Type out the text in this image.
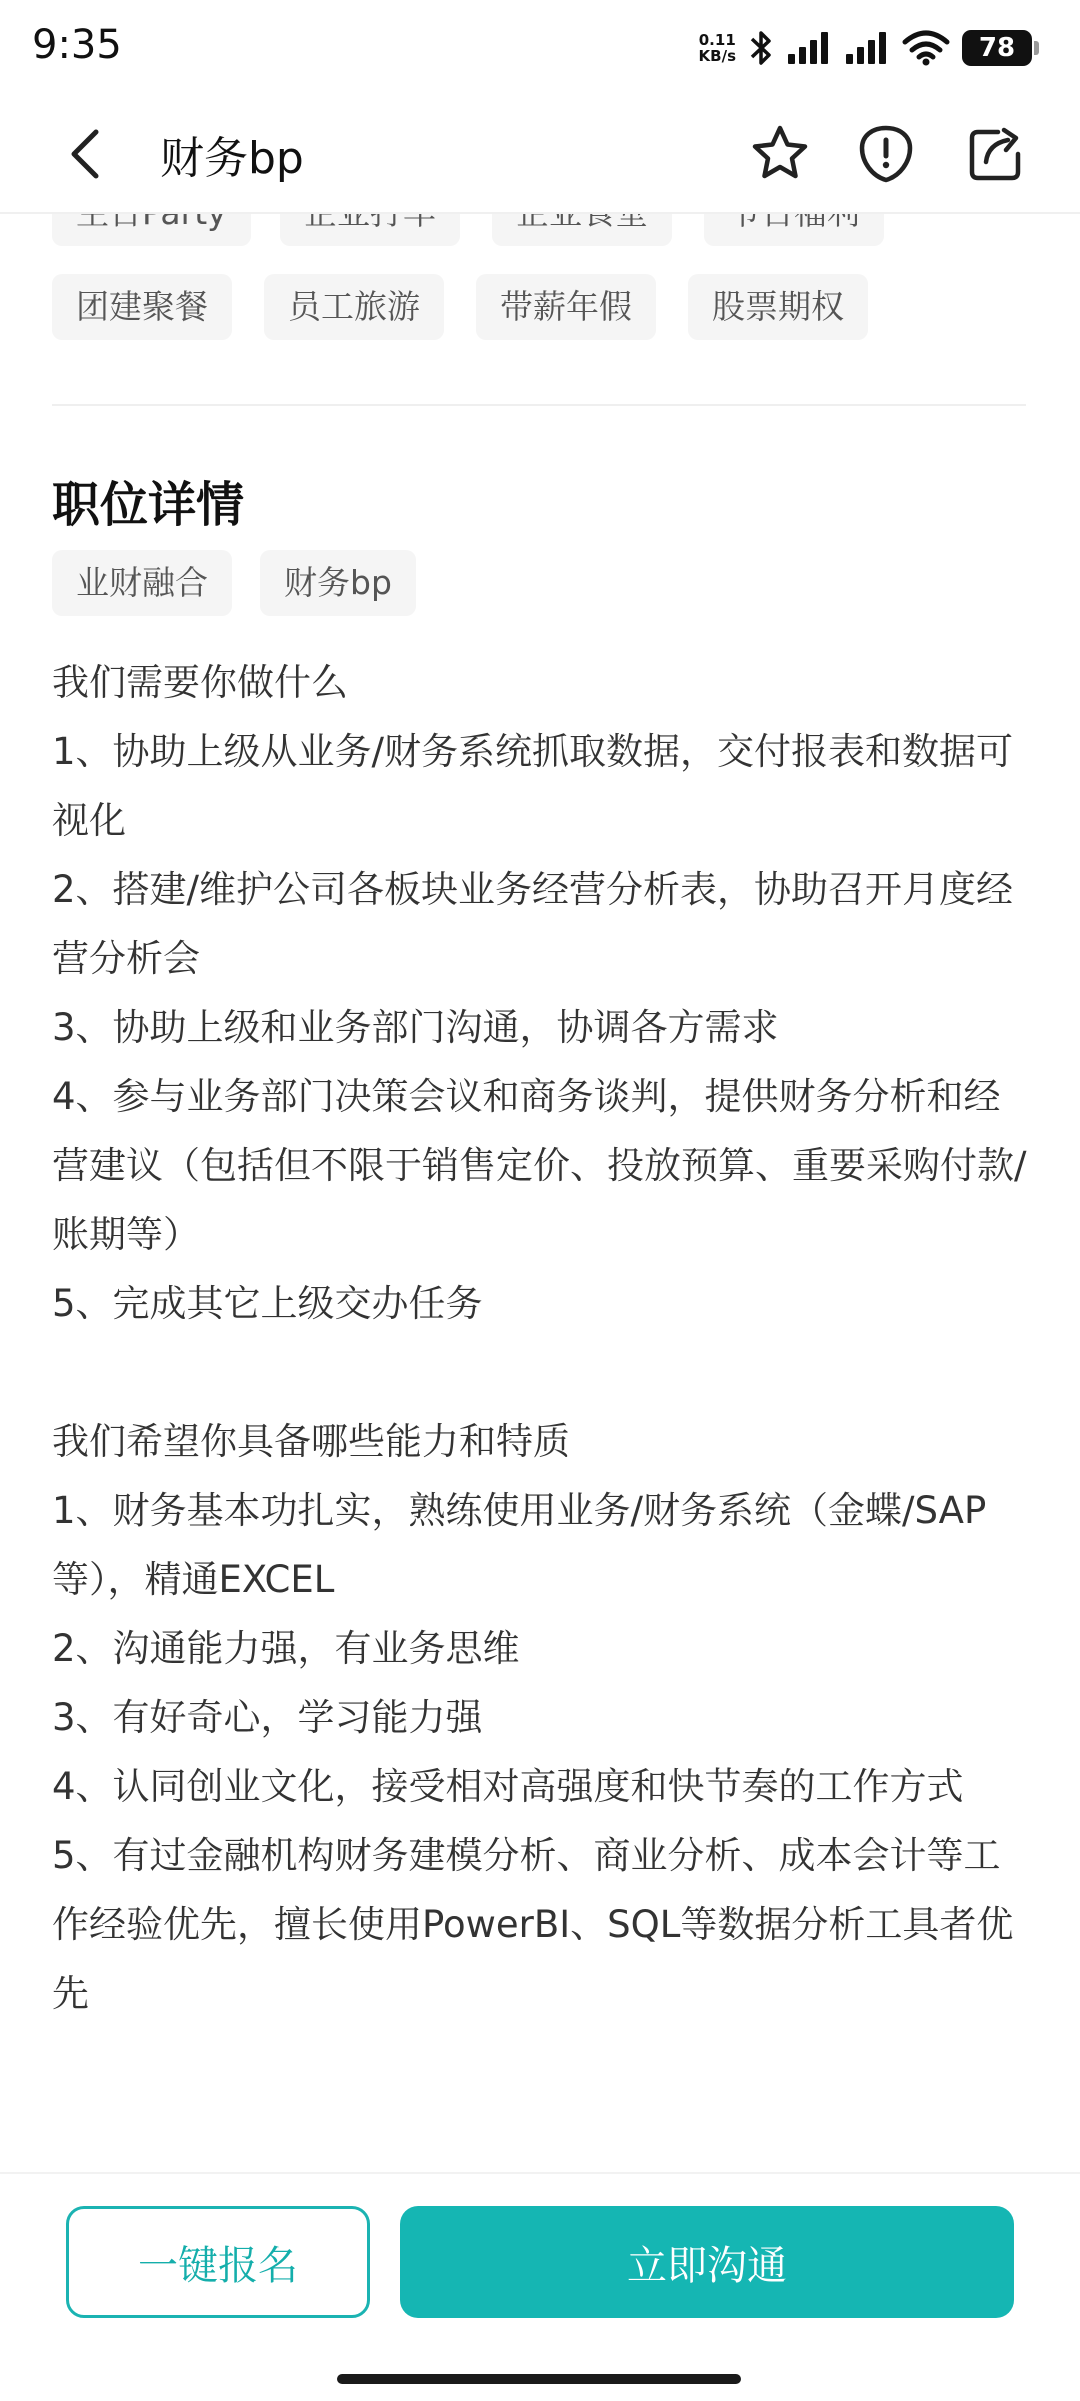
团建聚餐	员工旅游	带薪年假	股票期权
职位详情
业财融合	财务bp

我们需要你做什么

1、协助上级从业务/财务系统抓取数据，交付报表和数据可视化

2、搭建/维护公司各板块业务经营分析表，协助召开月度经营分析会

3、协助上级和业务部门沟通，协调各方需求

4、参与业务部门决策会议和商务谈判，提供财务分析和经营建议（包括但不限于销售定价、投放预算、重要采购付款/账期等）

5、完成其它上级交办任务

我们希望你具备哪些能力和特质

1、财务基本功扎实，熟练使用业务/财务系统（金蝶/SAP等），精通EXCEL

2、沟通能力强，有业务思维

3、有好奇心，学习能力强

4、认同创业文化，接受相对高强度和快节奏的工作方式

5、有过金融机构财务建模分析、商业分析、成本会计等工作经验优先，擅长使用PowerBI、SQL等数据分析工具者优先

9:35	0.11
KB/s	78
财务bp
一键报名	立即沟通
